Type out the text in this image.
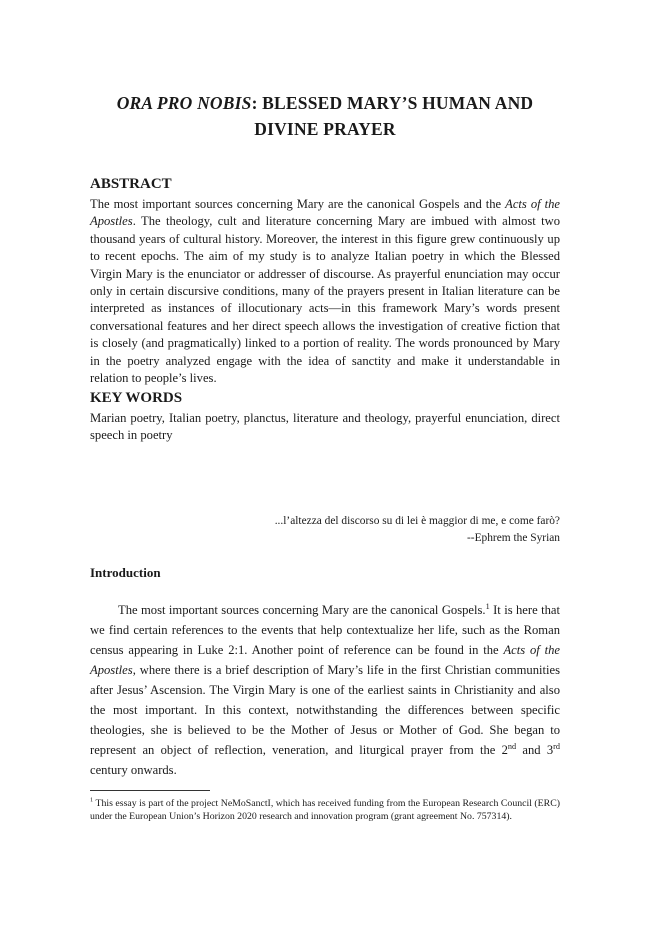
ORA PRO NOBIS: BLESSED MARY’S HUMAN AND
DIVINE PRAYER
ABSTRACT

The most important sources concerning Mary are the canonical Gospels and the Acts of the Apostles. The theology, cult and literature concerning Mary are imbued with almost two thousand years of cultural history. Moreover, the interest in this figure grew continuously up to recent epochs. The aim of my study is to analyze Italian poetry in which the Blessed Virgin Mary is the enunciator or addresser of discourse. As prayerful enunciation may occur only in certain discursive conditions, many of the prayers present in Italian literature can be interpreted as instances of illocutionary acts—in this framework Mary’s words present conversational features and her direct speech allows the investigation of creative fiction that is closely (and pragmatically) linked to a portion of reality. The words pronounced by Mary in the poetry analyzed engage with the idea of sanctity and make it understandable in relation to people’s lives.

KEY WORDS

Marian poetry, Italian poetry, planctus, literature and theology, prayerful enunciation, direct speech in poetry

...l’altezza del discorso su di lei è maggior di me, e come farò?
--Ephrem the Syrian
Introduction

The most important sources concerning Mary are the canonical Gospels.$^1$ It is here that we find certain references to the events that help contextualize her life, such as the Roman census appearing in Luke 2:1. Another point of reference can be found in the Acts of the Apostles, where there is a brief description of Mary’s life in the first Christian communities after Jesus’ Ascension. The Virgin Mary is one of the earliest saints in Christianity and also the most important. In this context, notwithstanding the differences between specific theologies, she is believed to be the Mother of Jesus or Mother of God. She began to represent an object of reflection, veneration, and liturgical prayer from the 2nd and 3rd century onwards.

$^1$ This essay is part of the project NeMoSanctI, which has received funding from the European Research Council (ERC) under the European Union’s Horizon 2020 research and innovation program (grant agreement No. 757314).
